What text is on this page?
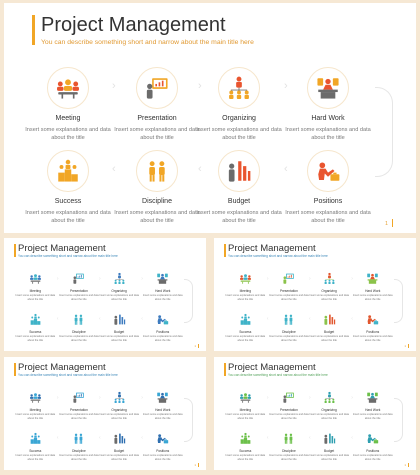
Project Management
You can describe something short and narrow about the main title here
Meeting
Insert some explanations and data about the title
Presentation
Insert some explanations and data about the title
Organizing
Insert some explanations and data about the title
Hard Work
Insert some explanations and data about the title
Positions
Insert some explanations and data about the title
Budget
Insert some explanations and data about the title
Discipline
Insert some explanations and data about the title
Success
Insert some explanations and data about the title
›
‹
›
‹
›
‹
1
Project Management
You can describe something short and narrow about the main title here
Meeting
Insert some explanations and data about the title
Presentation
Insert some explanations and data about the title
Organizing
Insert some explanations and data about the title
Hard Work
Insert some explanations and data about the title
Positions
Insert some explanations and data about the title
Budget
Insert some explanations and data about the title
Discipline
Insert some explanations and data about the title
Success
Insert some explanations and data about the title
›
‹
›
‹
›
‹
1
Project Management
You can describe something short and narrow about the main title here
Meeting
Insert some explanations and data about the title
Presentation
Insert some explanations and data about the title
Organizing
Insert some explanations and data about the title
Hard Work
Insert some explanations and data about the title
Positions
Insert some explanations and data about the title
Budget
Insert some explanations and data about the title
Discipline
Insert some explanations and data about the title
Success
Insert some explanations and data about the title
›
‹
›
‹
›
‹
1
Project Management
You can describe something short and narrow about the main title here
Meeting
Insert some explanations and data about the title
Presentation
Insert some explanations and data about the title
Organizing
Insert some explanations and data about the title
Hard Work
Insert some explanations and data about the title
Positions
Insert some explanations and data about the title
Budget
Insert some explanations and data about the title
Discipline
Insert some explanations and data about the title
Success
Insert some explanations and data about the title
›
‹
›
‹
›
‹
1
Project Management
You can describe something short and narrow about the main title here
Meeting
Insert some explanations and data about the title
Presentation
Insert some explanations and data about the title
Organizing
Insert some explanations and data about the title
Hard Work
Insert some explanations and data about the title
Positions
Insert some explanations and data about the title
Budget
Insert some explanations and data about the title
Discipline
Insert some explanations and data about the title
Success
Insert some explanations and data about the title
›
‹
›
‹
›
‹
1
